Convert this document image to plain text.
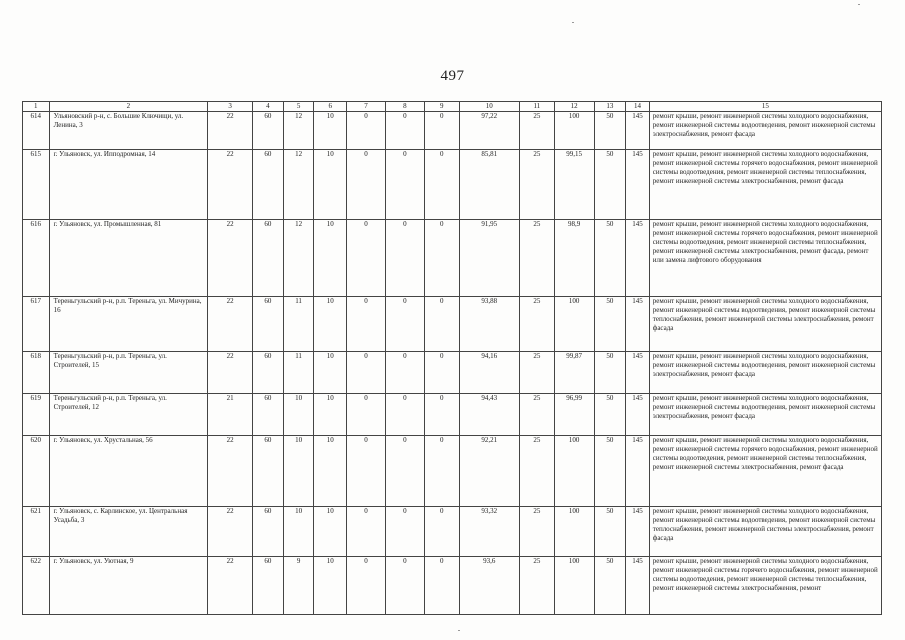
497
1	2	3	4	5	6	7	8	9	10	11	12	13	14	15
614	Ульяновский р-н, с. Большие Ключищи, ул. Ленина, 3	22	60	12	10	0	0	0	97,22	25	100	50	145	ремонт крыши, ремонт инженерной системы холодного водоснабжения, ремонт инженерной системы водоотведения, ремонт инженерной системы электроснабжения, ремонт фасада
615	г. Ульяновск, ул. Ипподромная, 14	22	60	12	10	0	0	0	85,81	25	99,15	50	145	ремонт крыши, ремонт инженерной системы холодного водоснабжения, ремонт инженерной системы горячего водоснабжения, ремонт инженерной системы водоотведения, ремонт инженерной системы теплоснабжения, ремонт инженерной системы электроснабжения, ремонт фасада
616	г. Ульяновск, ул. Промышленная, 81	22	60	12	10	0	0	0	91,95	25	98,9	50	145	ремонт крыши, ремонт инженерной системы холодного водоснабжения, ремонт инженерной системы горячего водоснабжения, ремонт инженерной системы водоотведения, ремонт инженерной системы теплоснабжения, ремонт инженерной системы электроснабжения, ремонт фасада, ремонт или замена лифтового оборудования
617	Тереньгульский р-н, р.п. Тереньга, ул. Мичурина, 16	22	60	11	10	0	0	0	93,88	25	100	50	145	ремонт крыши, ремонт инженерной системы холодного водоснабжения, ремонт инженерной системы водоотведения, ремонт инженерной системы теплоснабжения, ремонт инженерной системы электроснабжения, ремонт фасада
618	Тереньгульский р-н, р.п. Тереньга, ул. Строителей, 15	22	60	11	10	0	0	0	94,16	25	99,87	50	145	ремонт крыши, ремонт инженерной системы холодного водоснабжения, ремонт инженерной системы водоотведения, ремонт инженерной системы электроснабжения, ремонт фасада
619	Тереньгульский р-н, р.п. Тереньга, ул. Строителей, 12	21	60	10	10	0	0	0	94,43	25	96,99	50	145	ремонт крыши, ремонт инженерной системы холодного водоснабжения, ремонт инженерной системы водоотведения, ремонт инженерной системы электроснабжения, ремонт фасада
620	г. Ульяновск, ул. Хрустальная, 56	22	60	10	10	0	0	0	92,21	25	100	50	145	ремонт крыши, ремонт инженерной системы холодного водоснабжения, ремонт инженерной системы горячего водоснабжения, ремонт инженерной системы водоотведения, ремонт инженерной системы теплоснабжения, ремонт инженерной системы электроснабжения, ремонт фасада
621	г. Ульяновск, с. Карлинское, ул. Центральная Усадьба, 3	22	60	10	10	0	0	0	93,32	25	100	50	145	ремонт крыши, ремонт инженерной системы холодного водоснабжения, ремонт инженерной системы водоотведения, ремонт инженерной системы теплоснабжения, ремонт инженерной системы электроснабжения, ремонт фасада
622	г. Ульяновск, ул. Уютная, 9	22	60	9	10	0	0	0	93,6	25	100	50	145	ремонт крыши, ремонт инженерной системы холодного водоснабжения, ремонт инженерной системы горячего водоснабжения, ремонт инженерной системы водоотведения, ремонт инженерной системы теплоснабжения, ремонт инженерной системы электроснабжения, ремонт
